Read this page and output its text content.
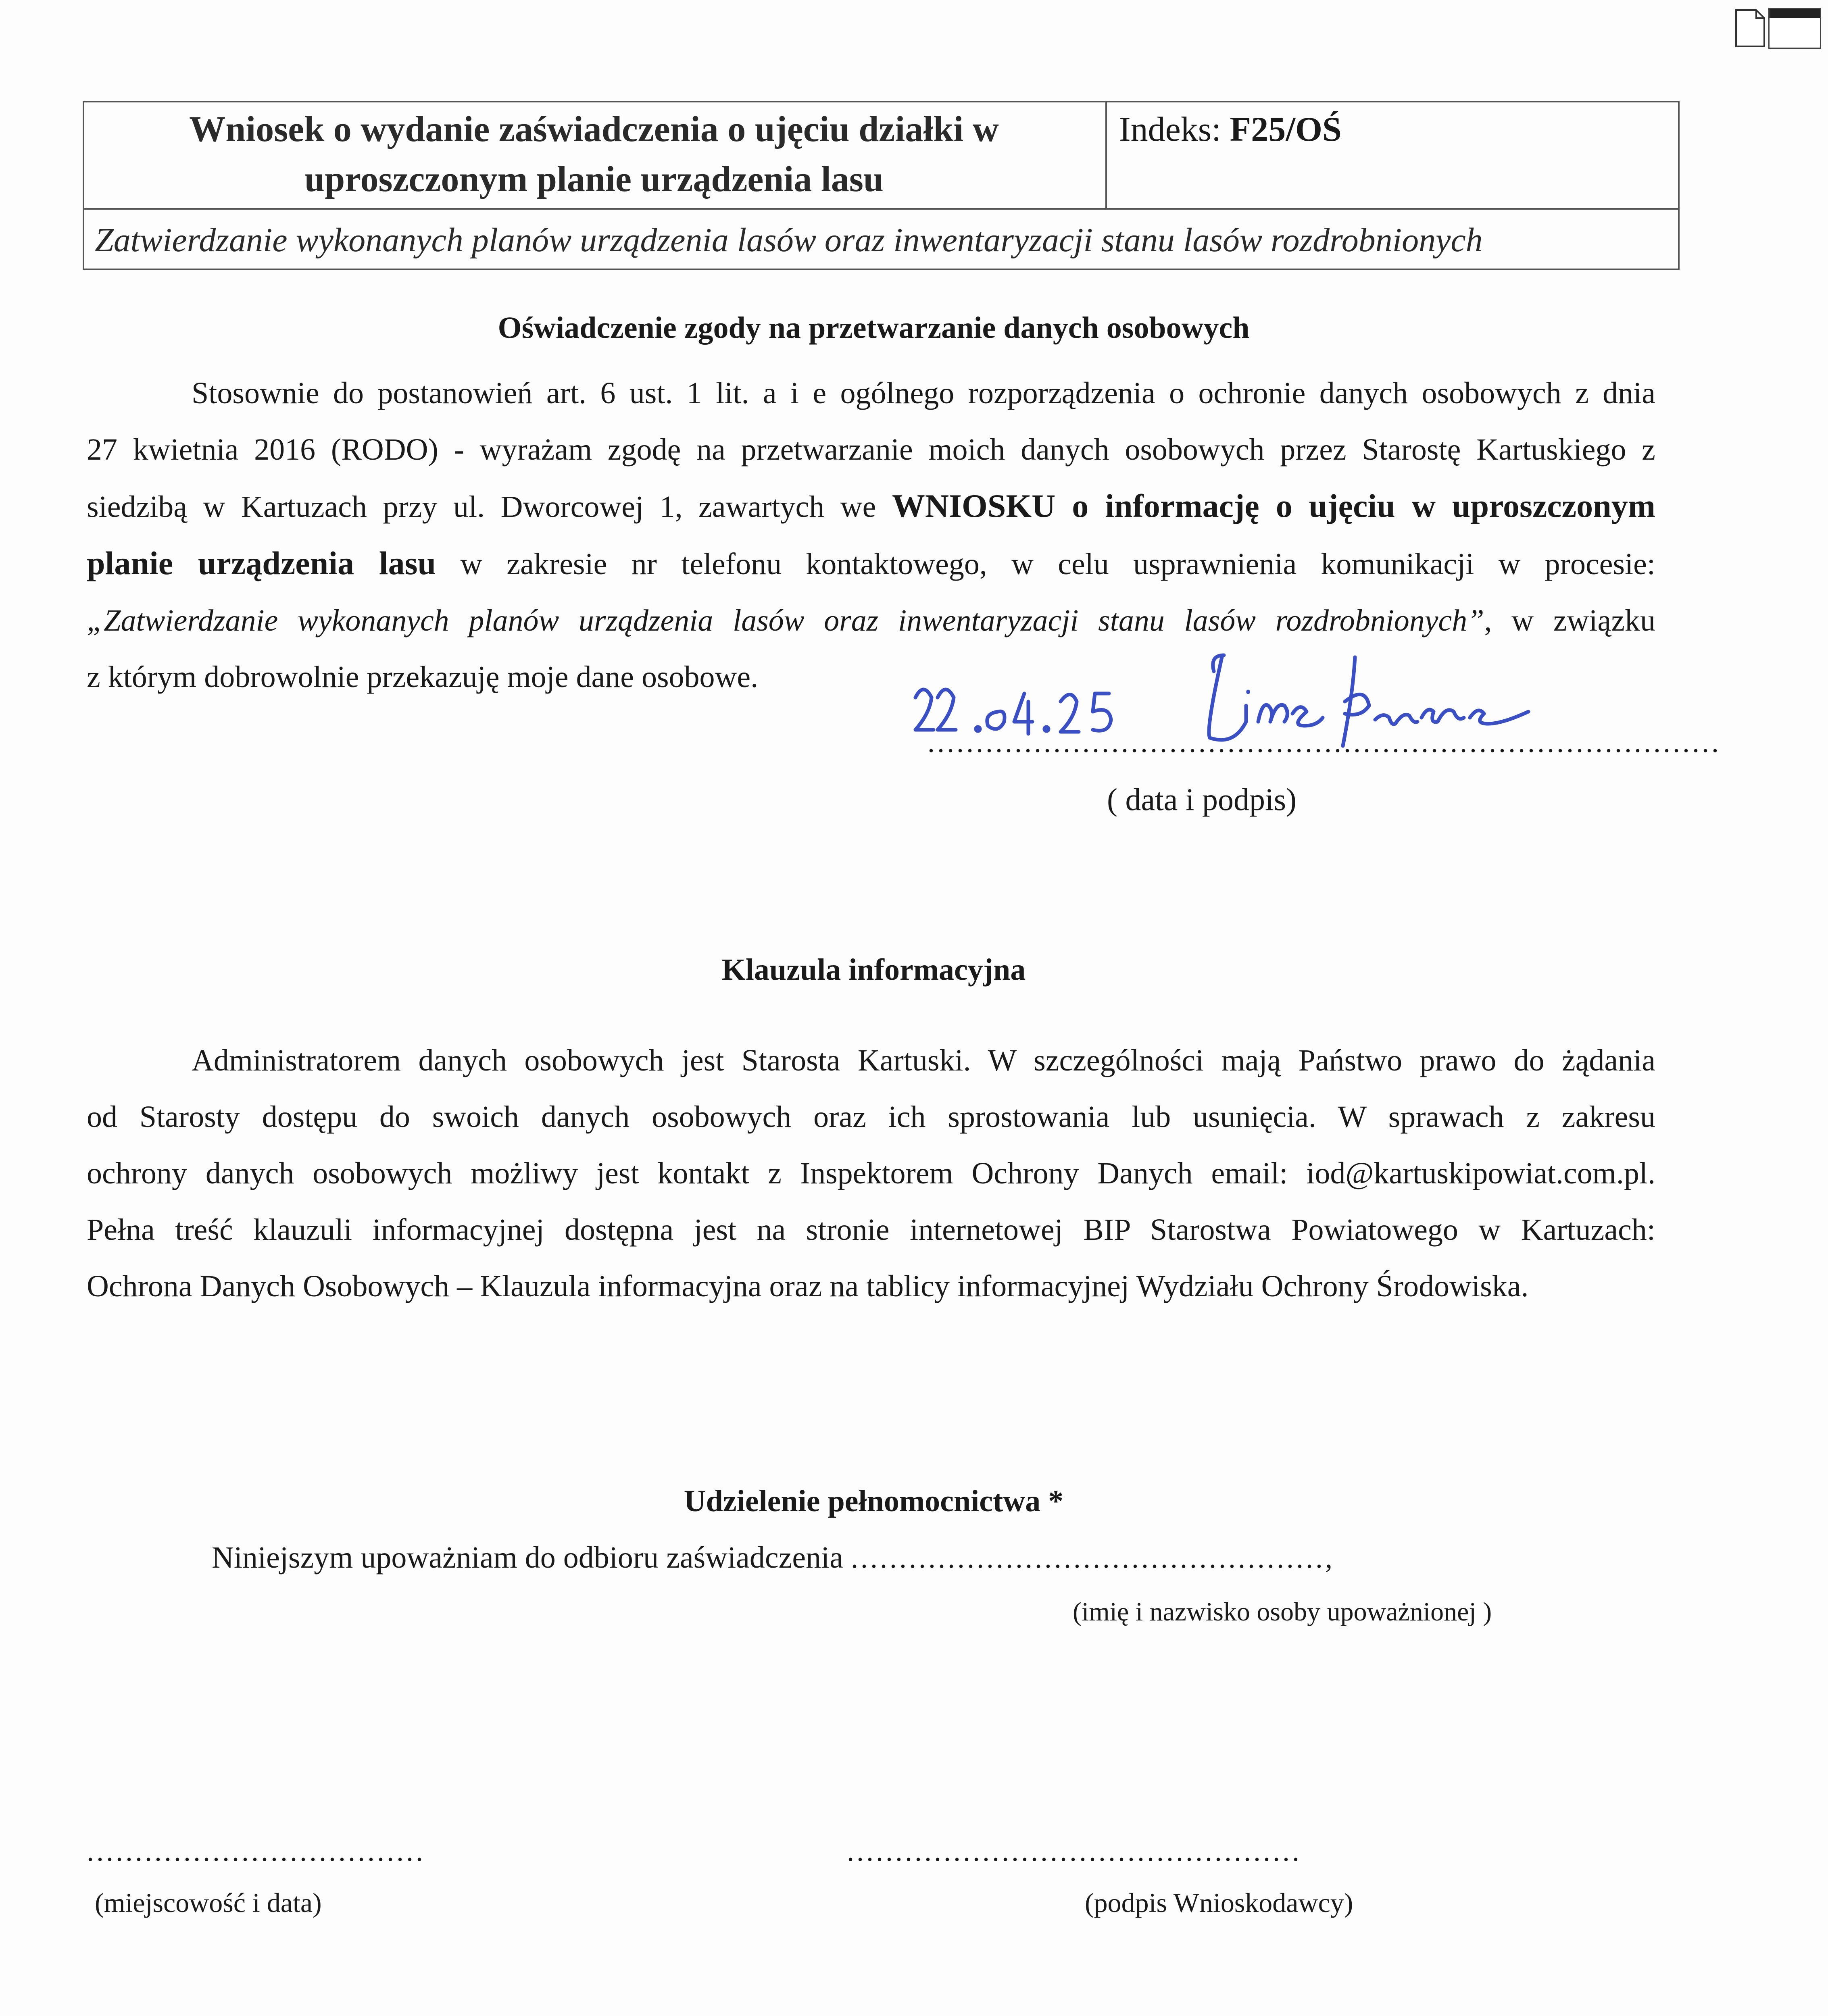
Wniosek o wydanie zaświadczenia o ujęciu działki w
uproszczonym planie urządzenia lasu
Indeks: F25/OŚ
Zatwierdzanie wykonanych planów urządzenia lasów oraz inwentaryzacji stanu lasów rozdrobnionych
Oświadczenie zgody na przetwarzanie danych osobowych
Stosownie do postanowień art. 6 ust. 1 lit. a i e ogólnego rozporządzenia o ochronie danych osobowych z dnia
27 kwietnia 2016 (RODO) - wyrażam zgodę na przetwarzanie moich danych osobowych przez Starostę Kartuskiego z
siedzibą w Kartuzach przy ul. Dworcowej 1, zawartych we WNIOSKU o informację o ujęciu w uproszczonym
planie urządzenia lasu w zakresie nr telefonu kontaktowego, w celu usprawnienia komunikacji w procesie:
„Zatwierdzanie wykonanych planów urządzenia lasów oraz inwentaryzacji stanu lasów rozdrobnionych”, w związku
z którym dobrowolnie przekazuję moje dane osobowe.
..................................................................................
( data i podpis)
Klauzula informacyjna
Administratorem danych osobowych jest Starosta Kartuski. W szczególności mają Państwo prawo do żądania
od Starosty dostępu do swoich danych osobowych oraz ich sprostowania lub usunięcia. W sprawach z zakresu
ochrony danych osobowych możliwy jest kontakt z Inspektorem Ochrony Danych email: iod@kartuskipowiat.com.pl.
Pełna treść klauzuli informacyjnej dostępna jest na stronie internetowej BIP Starostwa Powiatowego w Kartuzach:
Ochrona Danych Osobowych – Klauzula informacyjna oraz na tablicy informacyjnej Wydziału Ochrony Środowiska.
Udzielenie pełnomocnictwa *
Niniejszym upoważniam do odbioru zaświadczenia .................................................,
(imię i nazwisko osoby upoważnionej )
...................................
(miejscowość i data)
...............................................
(podpis Wnioskodawcy)
